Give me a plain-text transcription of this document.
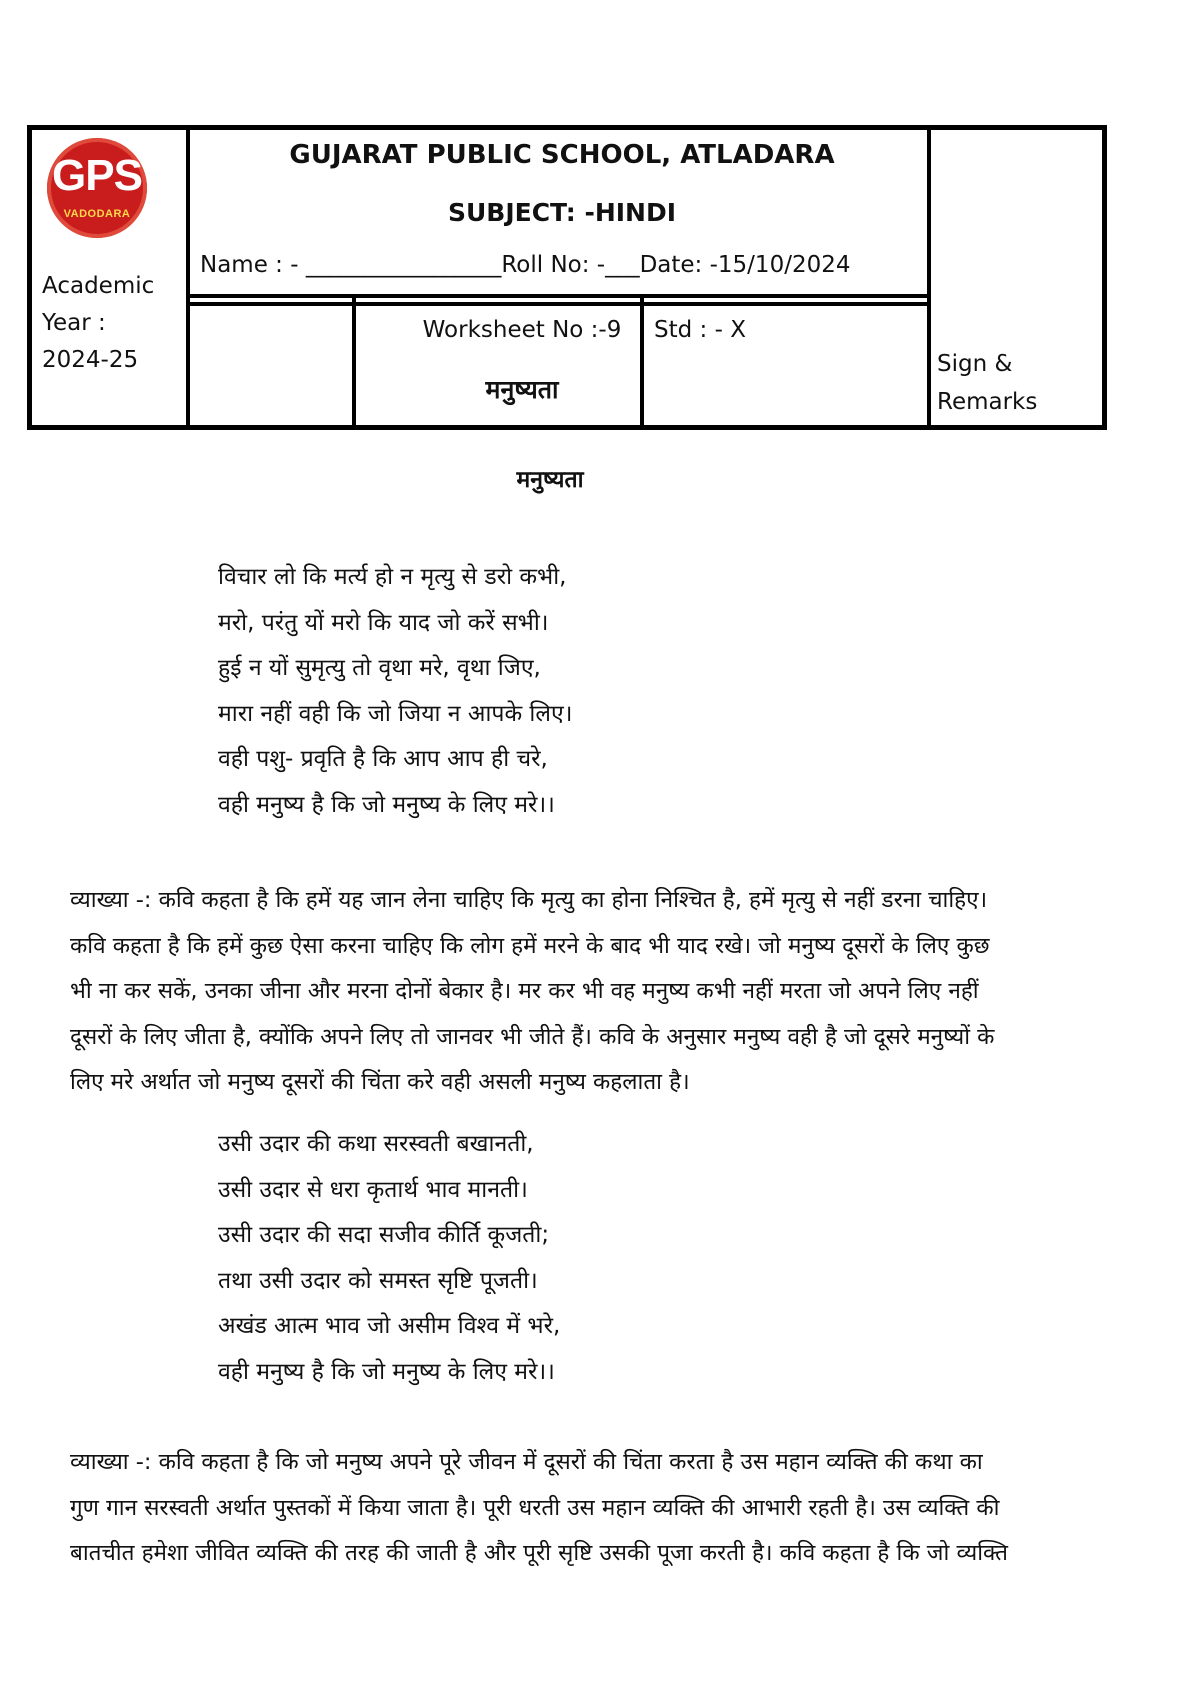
GPS
VADODARA
Academic
Year :
2024-25
GUJARAT PUBLIC SCHOOL, ATLADARA
SUBJECT: -HINDI
Name : - _________________Roll No: -___Date: -15/10/2024
Worksheet No :-9
मनुष्यता
Std : - X
Sign &
Remarks
मनुष्यता
विचार लो कि मर्त्य हो न मृत्यु से डरो कभी,
मरो, परंतु यों मरो कि याद जो करें सभी।
हुई न यों सुमृत्यु तो वृथा मरे, वृथा जिए,
मारा नहीं वही कि जो जिया न आपके लिए।
वही पशु- प्रवृति है कि आप आप ही चरे,
वही मनुष्य है कि जो मनुष्य के लिए मरे।।
व्याख्या -: कवि कहता है कि हमें यह जान लेना चाहिए कि मृत्यु का होना निश्चित है, हमें मृत्यु से नहीं डरना चाहिए।
कवि कहता है कि हमें कुछ ऐसा करना चाहिए कि लोग हमें मरने के बाद भी याद रखे। जो मनुष्य दूसरों के लिए कुछ
भी ना कर सकें, उनका जीना और मरना दोनों बेकार है। मर कर भी वह मनुष्य कभी नहीं मरता जो अपने लिए नहीं
दूसरों के लिए जीता है, क्योंकि अपने लिए तो जानवर भी जीते हैं। कवि के अनुसार मनुष्य वही है जो दूसरे मनुष्यों के
लिए मरे अर्थात जो मनुष्य दूसरों की चिंता करे वही असली मनुष्य कहलाता है।
उसी उदार की कथा सरस्वती बखानती,
उसी उदार से धरा कृतार्थ भाव मानती।
उसी उदार की सदा सजीव कीर्ति कूजती;
तथा उसी उदार को समस्त सृष्टि पूजती।
अखंड आत्म भाव जो असीम विश्व में भरे,
वही मनुष्य है कि जो मनुष्य के लिए मरे।।
व्याख्या -: कवि कहता है कि जो मनुष्य अपने पूरे जीवन में दूसरों की चिंता करता है उस महान व्यक्ति की कथा का
गुण गान सरस्वती अर्थात पुस्तकों में किया जाता है। पूरी धरती उस महान व्यक्ति की आभारी रहती है। उस व्यक्ति की
बातचीत हमेशा जीवित व्यक्ति की तरह की जाती है और पूरी सृष्टि उसकी पूजा करती है। कवि कहता है कि जो व्यक्ति
